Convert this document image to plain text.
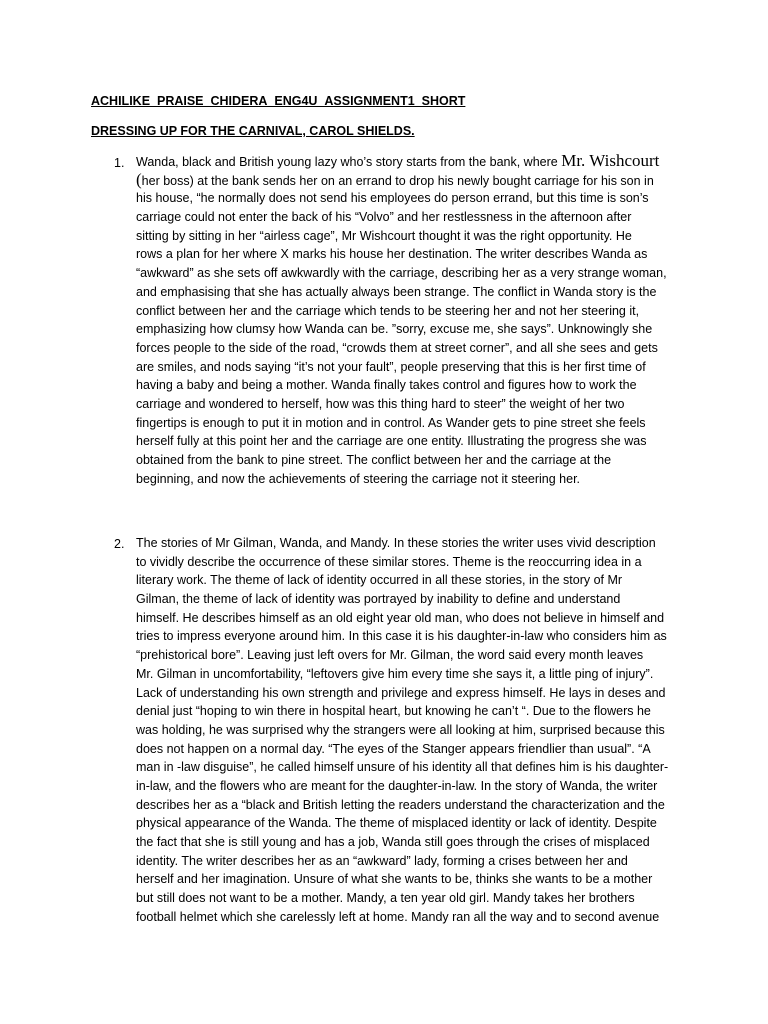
ACHILIKE_PRAISE_CHIDERA_ENG4U_ASSIGNMENT1_SHORT
DRESSING UP FOR THE CARNIVAL, CAROL SHIELDS.
1. Wanda, black and British young lazy who’s story starts from the bank, where Mr. Wishcourt
(her boss) at the bank sends her on an errand to drop his newly bought carriage for his son in
his house, “he normally does not send his employees do person errand, but this time is son’s
carriage could not enter the back of his “Volvo” and her restlessness in the afternoon after
sitting by sitting in her “airless cage”, Mr Wishcourt thought it was the right opportunity. He
rows a plan for her where X marks his house her destination. The writer describes Wanda as
“awkward” as she sets off awkwardly with the carriage, describing her as a very strange woman,
and emphasising that she has actually always been strange. The conflict in Wanda story is the
conflict between her and the carriage which tends to be steering her and not her steering it,
emphasizing how clumsy how Wanda can be. ”sorry, excuse me, she says”. Unknowingly she
forces people to the side of the road, “crowds them at street corner”, and all she sees and gets
are smiles, and nods saying “it’s not your fault”, people preserving that this is her first time of
having a baby and being a mother. Wanda finally takes control and figures how to work the
carriage and wondered to herself, how was this thing hard to steer” the weight of her two
fingertips is enough to put it in motion and in control. As Wander gets to pine street she feels
herself fully at this point her and the carriage are one entity. Illustrating the progress she was
obtained from the bank to pine street. The conflict between her and the carriage at the
beginning, and now the achievements of steering the carriage not it steering her.
2. The stories of Mr Gilman, Wanda, and Mandy. In these stories the writer uses vivid description
to vividly describe the occurrence of these similar stores. Theme is the reoccurring idea in a
literary work. The theme of lack of identity occurred in all these stories, in the story of Mr
Gilman, the theme of lack of identity was portrayed by inability to define and understand
himself. He describes himself as an old eight year old man, who does not believe in himself and
tries to impress everyone around him. In this case it is his daughter-in-law who considers him as
“prehistorical bore”. Leaving just left overs for Mr. Gilman, the word said every month leaves
Mr. Gilman in uncomfortability, “leftovers give him every time she says it, a little ping of injury”.
Lack of understanding his own strength and privilege and express himself. He lays in deses and
denial just “hoping to win there in hospital heart, but knowing he can’t “. Due to the flowers he
was holding, he was surprised why the strangers were all looking at him, surprised because this
does not happen on a normal day. “The eyes of the Stanger appears friendlier than usual”. “A
man in -law disguise”, he called himself unsure of his identity all that defines him is his daughter-
in-law, and the flowers who are meant for the daughter-in-law. In the story of Wanda, the writer
describes her as a “black and British letting the readers understand the characterization and the
physical appearance of the Wanda. The theme of misplaced identity or lack of identity. Despite
the fact that she is still young and has a job, Wanda still goes through the crises of misplaced
identity. The writer describes her as an “awkward” lady, forming a crises between her and
herself and her imagination. Unsure of what she wants to be, thinks she wants to be a mother
but still does not want to be a mother. Mandy, a ten year old girl. Mandy takes her brothers
football helmet which she carelessly left at home. Mandy ran all the way and to second avenue
